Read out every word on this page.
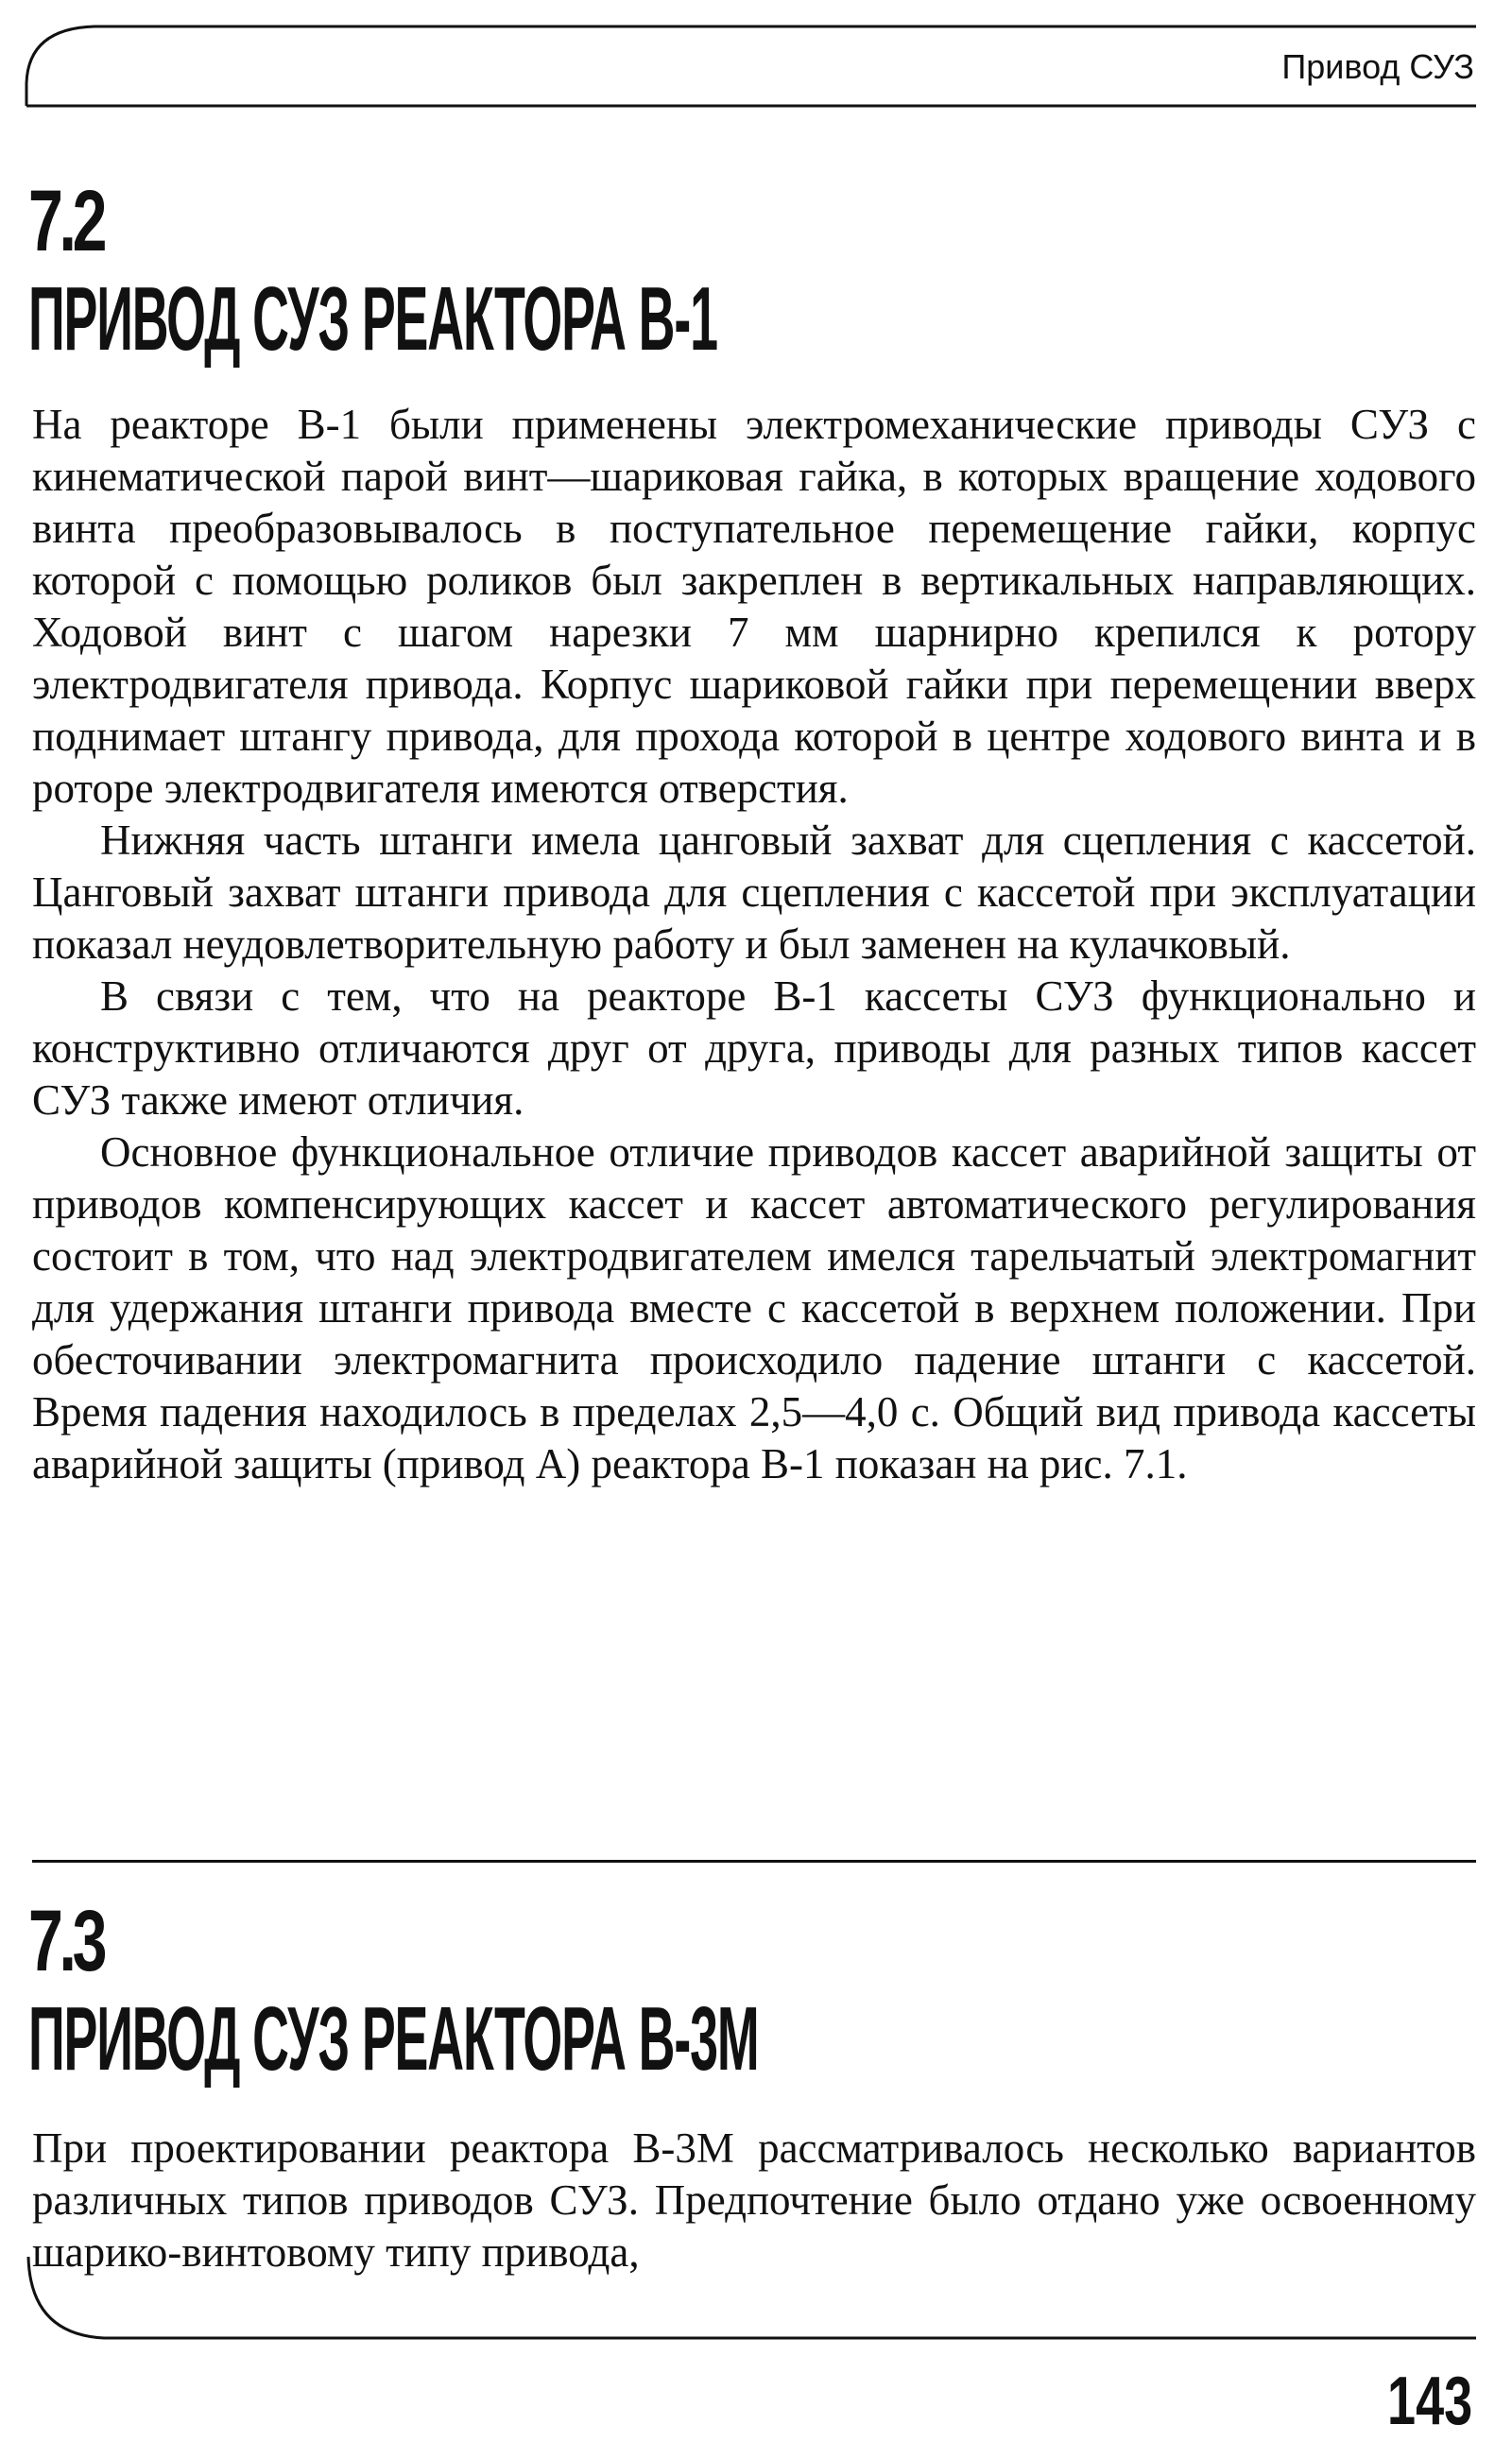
Привод СУЗ
7.2
ПРИВОД СУЗ РЕАКТОРА В-1

На реакторе В-1 были применены электромеханические приводы СУЗ с кинематической парой винт—шариковая гайка, в которых вращение ходового винта преобразовывалось в поступательное перемещение гайки, корпус которой с помощью роликов был закреплен в вертикальных направляющих. Ходовой винт с шагом нарезки 7 мм шарнирно крепился к ротору электродвигателя привода. Корпус шариковой гайки при перемещении вверх поднимает штангу привода, для прохода которой в центре ходового винта и в роторе электродвигателя имеются отверстия.

Нижняя часть штанги имела цанговый захват для сцепления с кассетой. Цанговый захват штанги привода для сцепления с кассетой при эксплуатации показал неудовлетворительную работу и был заменен на кулачковый.

В связи с тем, что на реакторе В-1 кассеты СУЗ функционально и конструктивно отличаются друг от друга, приводы для разных типов кассет СУЗ также имеют отличия.

Основное функциональное отличие приводов кассет аварийной защиты от приводов компенсирующих кассет и кассет автоматического регулирования состоит в том, что над электродвигателем имелся тарельчатый электромагнит для удержания штанги привода вместе с кассетой в верхнем положении. При обесточивании электромагнита происходило падение штанги с кассетой. Время падения находилось в пределах 2,5—4,0 с. Общий вид привода кассеты аварийной защиты (привод А) реактора В-1 показан на рис. 7.1.

7.3
ПРИВОД СУЗ РЕАКТОРА В-3М

При проектировании реактора В-3М рассматривалось несколько вариантов различных типов приводов СУЗ. Предпочтение было отдано уже освоенному шарико-винтовому типу привода,

143
